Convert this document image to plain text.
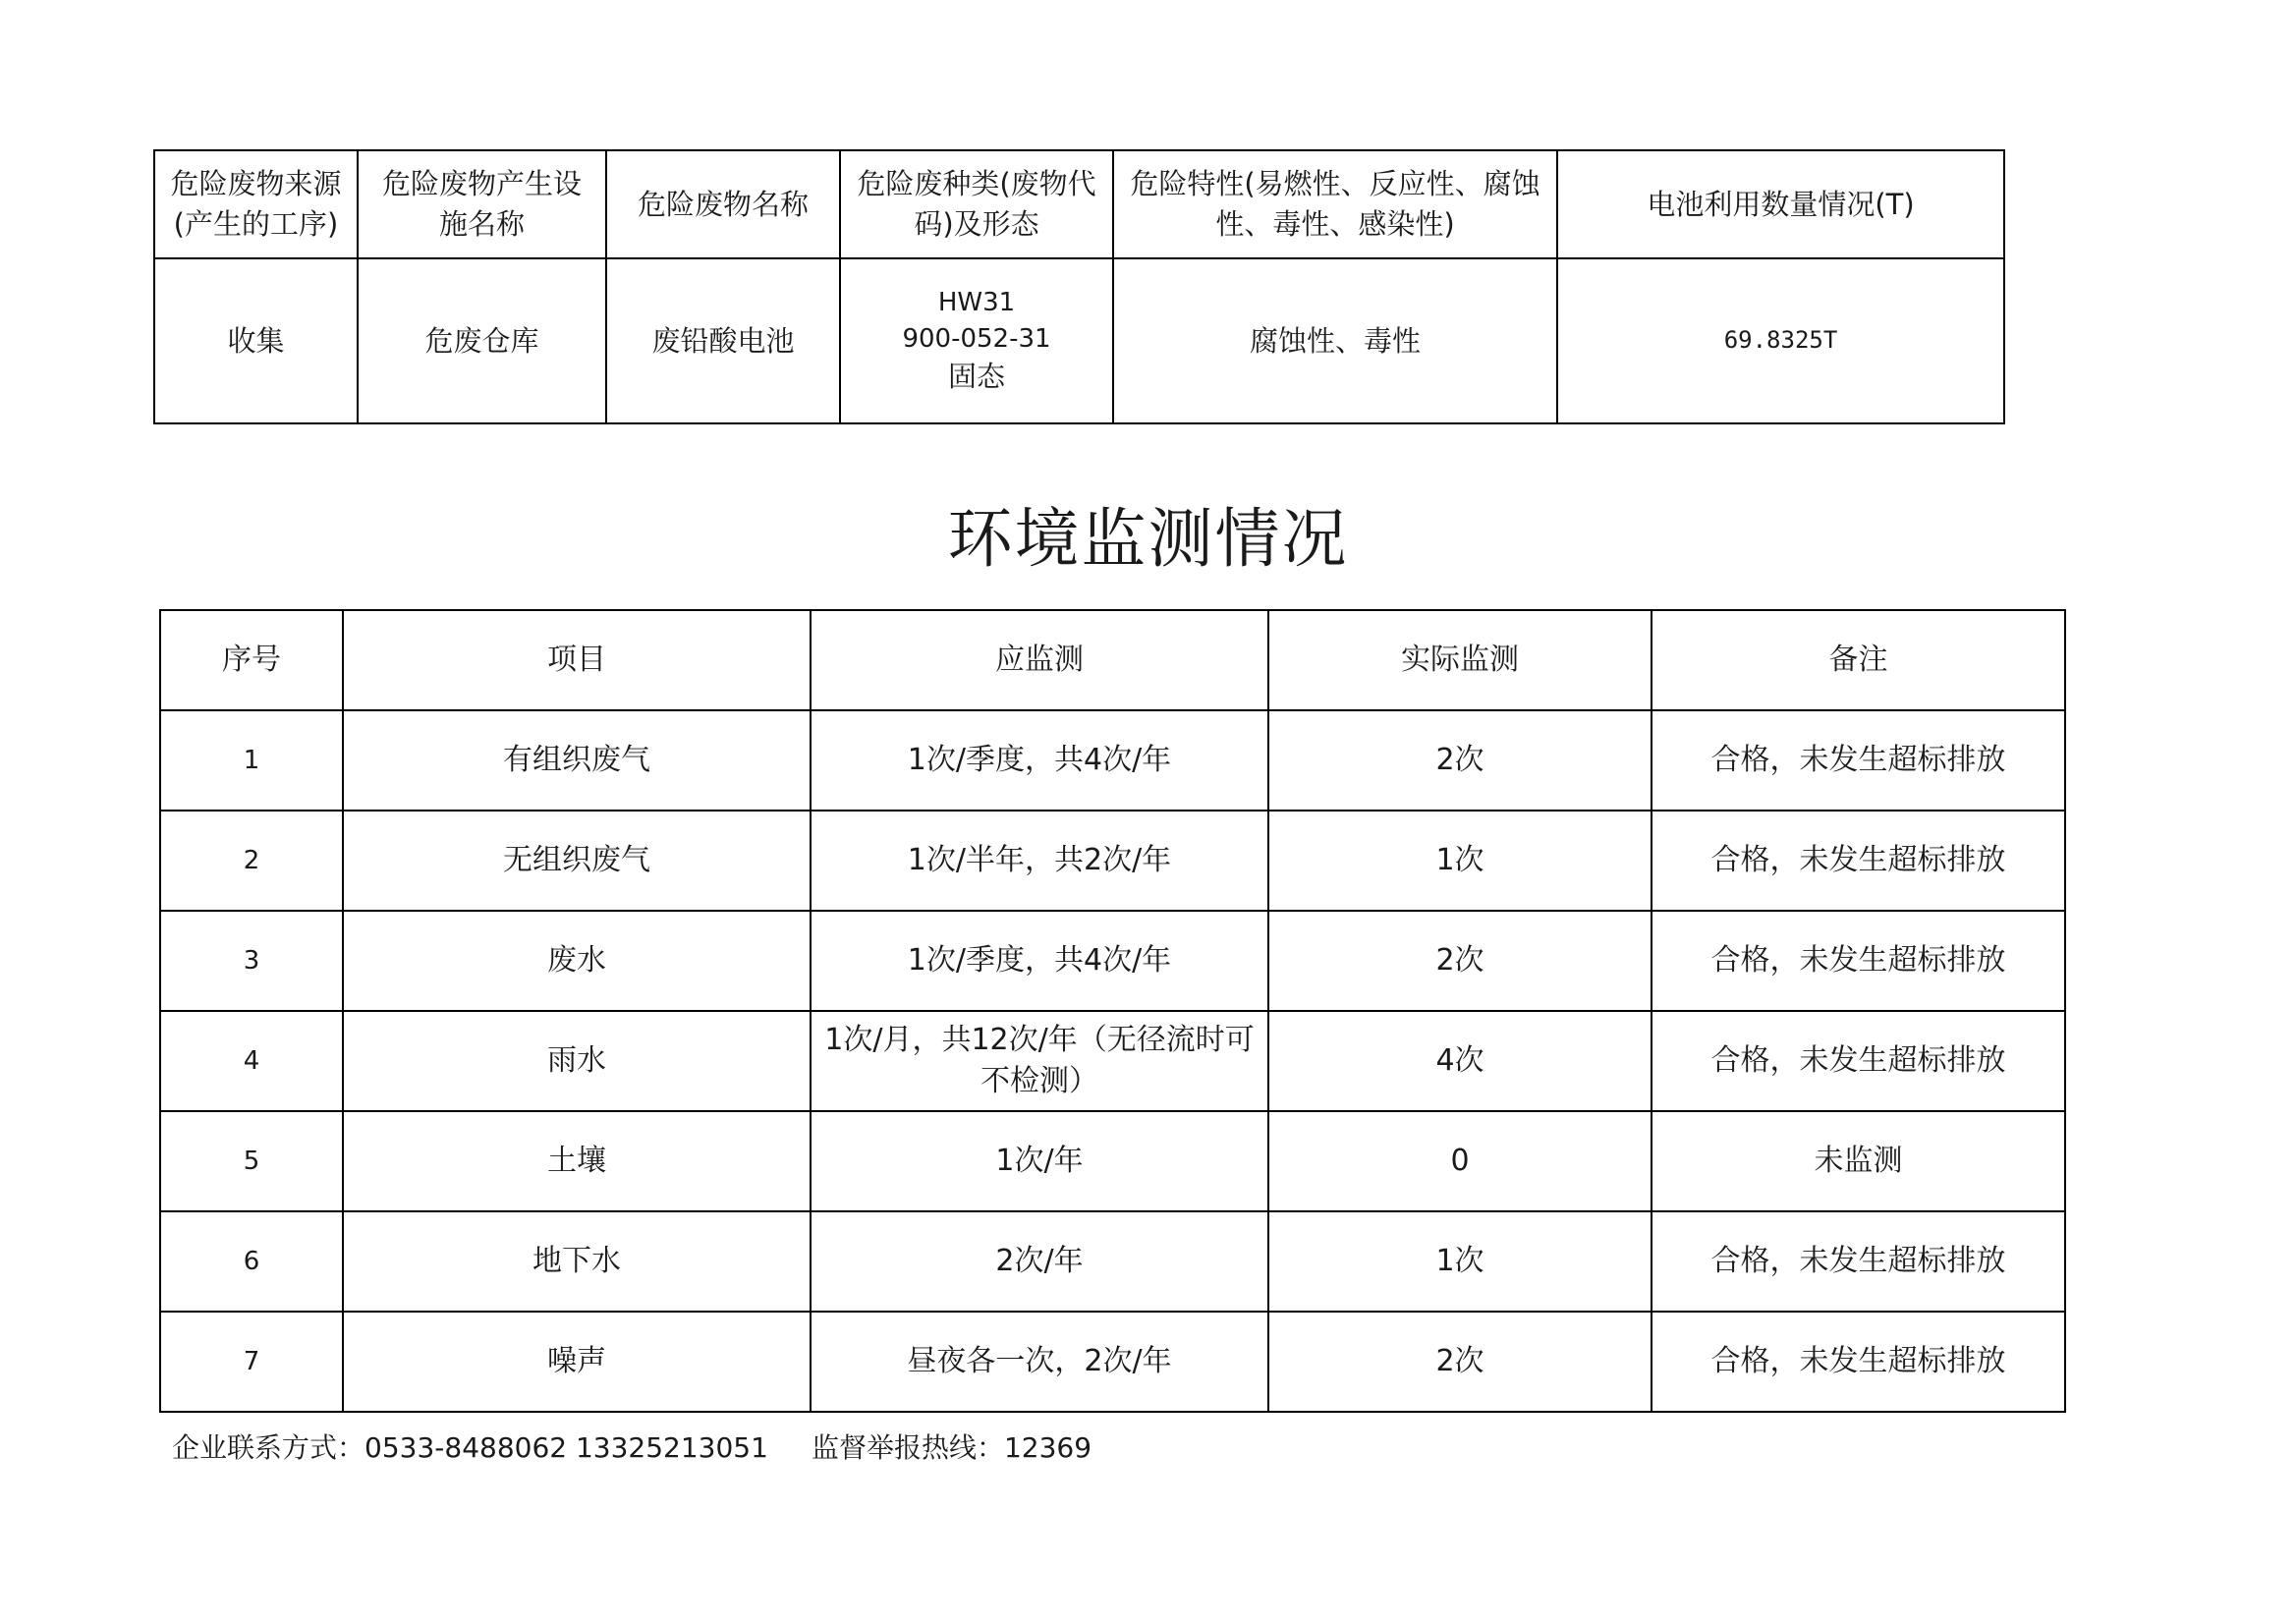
危险废物来源
(产生的工序)	危险废物产生设
施名称	危险废物名称	危险废种类(废物代
码)及形态	危险特性(易燃性、反应性、腐蚀
性、毒性、感染性)	电池利用数量情况(T)

收集	危废仓库	废铅酸电池	HW31
900-052-31
固态	腐蚀性、毒性	69.8325T
环境监测情况
序号	项目	应监测	实际监测	备注
1	有组织废气	1次/季度，共4次/年	2次	合格，未发生超标排放
2	无组织废气	1次/半年，共2次/年	1次	合格，未发生超标排放
3	废水	1次/季度，共4次/年	2次	合格，未发生超标排放
4	雨水	1次/月，共12次/年（无径流时可
不检测）	4次	合格，未发生超标排放
5	土壤	1次/年	0	未监测
6	地下水	2次/年	1次	合格，未发生超标排放
7	噪声	昼夜各一次，2次/年	2次	合格，未发生超标排放
企业联系方式：0533-8488062 13325213051 监督举报热线：12369
